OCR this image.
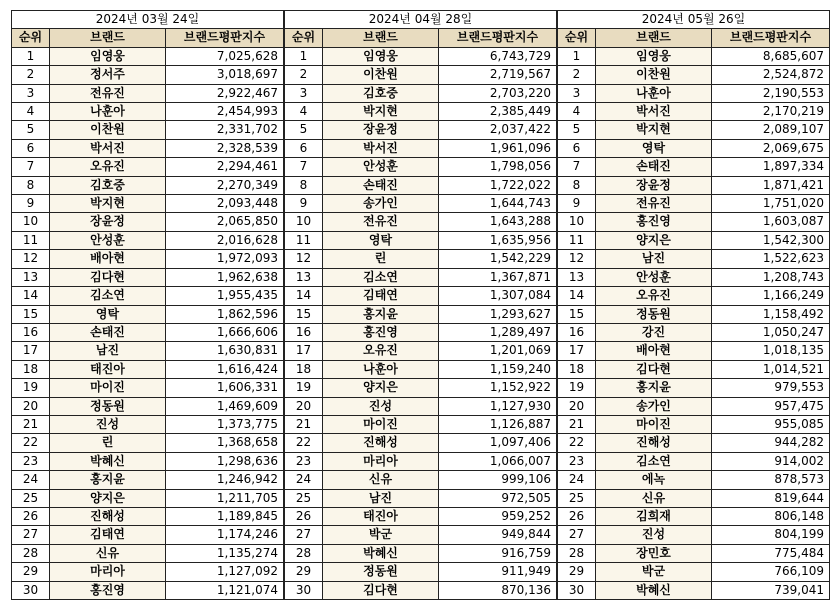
2024년 03월 24일		
순위	브랜드	브랜드평판지수
1	임영웅	7,025,628
2	정서주	3,018,697
3	전유진	2,922,467
4	나훈아	2,454,993
5	이찬원	2,331,702
6	박서진	2,328,539
7	오유진	2,294,461
8	김호중	2,270,349
9	박지현	2,093,448
10	장윤정	2,065,850
11	안성훈	2,016,628
12	배아현	1,972,093
13	김다현	1,962,638
14	김소연	1,955,435
15	영탁	1,862,596
16	손태진	1,666,606
17	남진	1,630,831
18	태진아	1,616,424
19	마이진	1,606,331
20	정동원	1,469,609
21	진성	1,373,775
22	린	1,368,658
23	박혜신	1,298,636
24	홍지윤	1,246,942
25	양지은	1,211,705
26	진해성	1,189,845
27	김태연	1,174,246
28	신유	1,135,274
29	마리아	1,127,092
30	홍진영	1,121,074
2024년 04월 28일		
순위	브랜드	브랜드평판지수
1	임영웅	6,743,729
2	이찬원	2,719,567
3	김호중	2,703,220
4	박지현	2,385,449
5	장윤정	2,037,422
6	박서진	1,961,096
7	안성훈	1,798,056
8	손태진	1,722,022
9	송가인	1,644,743
10	전유진	1,643,288
11	영탁	1,635,956
12	린	1,542,229
13	김소연	1,367,871
14	김태연	1,307,084
15	홍지윤	1,293,627
16	홍진영	1,289,497
17	오유진	1,201,069
18	나훈아	1,159,240
19	양지은	1,152,922
20	진성	1,127,930
21	마이진	1,126,887
22	진해성	1,097,406
23	마리아	1,066,007
24	신유	999,106
25	남진	972,505
26	태진아	959,252
27	박군	949,844
28	박혜신	916,759
29	정동원	911,949
30	김다현	870,136
2024년 05월 26일		
순위	브랜드	브랜드평판지수
1	임영웅	8,685,607
2	이찬원	2,524,872
3	나훈아	2,190,553
4	박서진	2,170,219
5	박지현	2,089,107
6	영탁	2,069,675
7	손태진	1,897,334
8	장윤정	1,871,421
9	전유진	1,751,020
10	홍진영	1,603,087
11	양지은	1,542,300
12	남진	1,522,623
13	안성훈	1,208,743
14	오유진	1,166,249
15	정동원	1,158,492
16	강진	1,050,247
17	배아현	1,018,135
18	김다현	1,014,521
19	홍지윤	979,553
20	송가인	957,475
21	마이진	955,085
22	진해성	944,282
23	김소연	914,002
24	에녹	878,573
25	신유	819,644
26	김희재	806,148
27	진성	804,199
28	장민호	775,484
29	박군	766,109
30	박혜신	739,041
